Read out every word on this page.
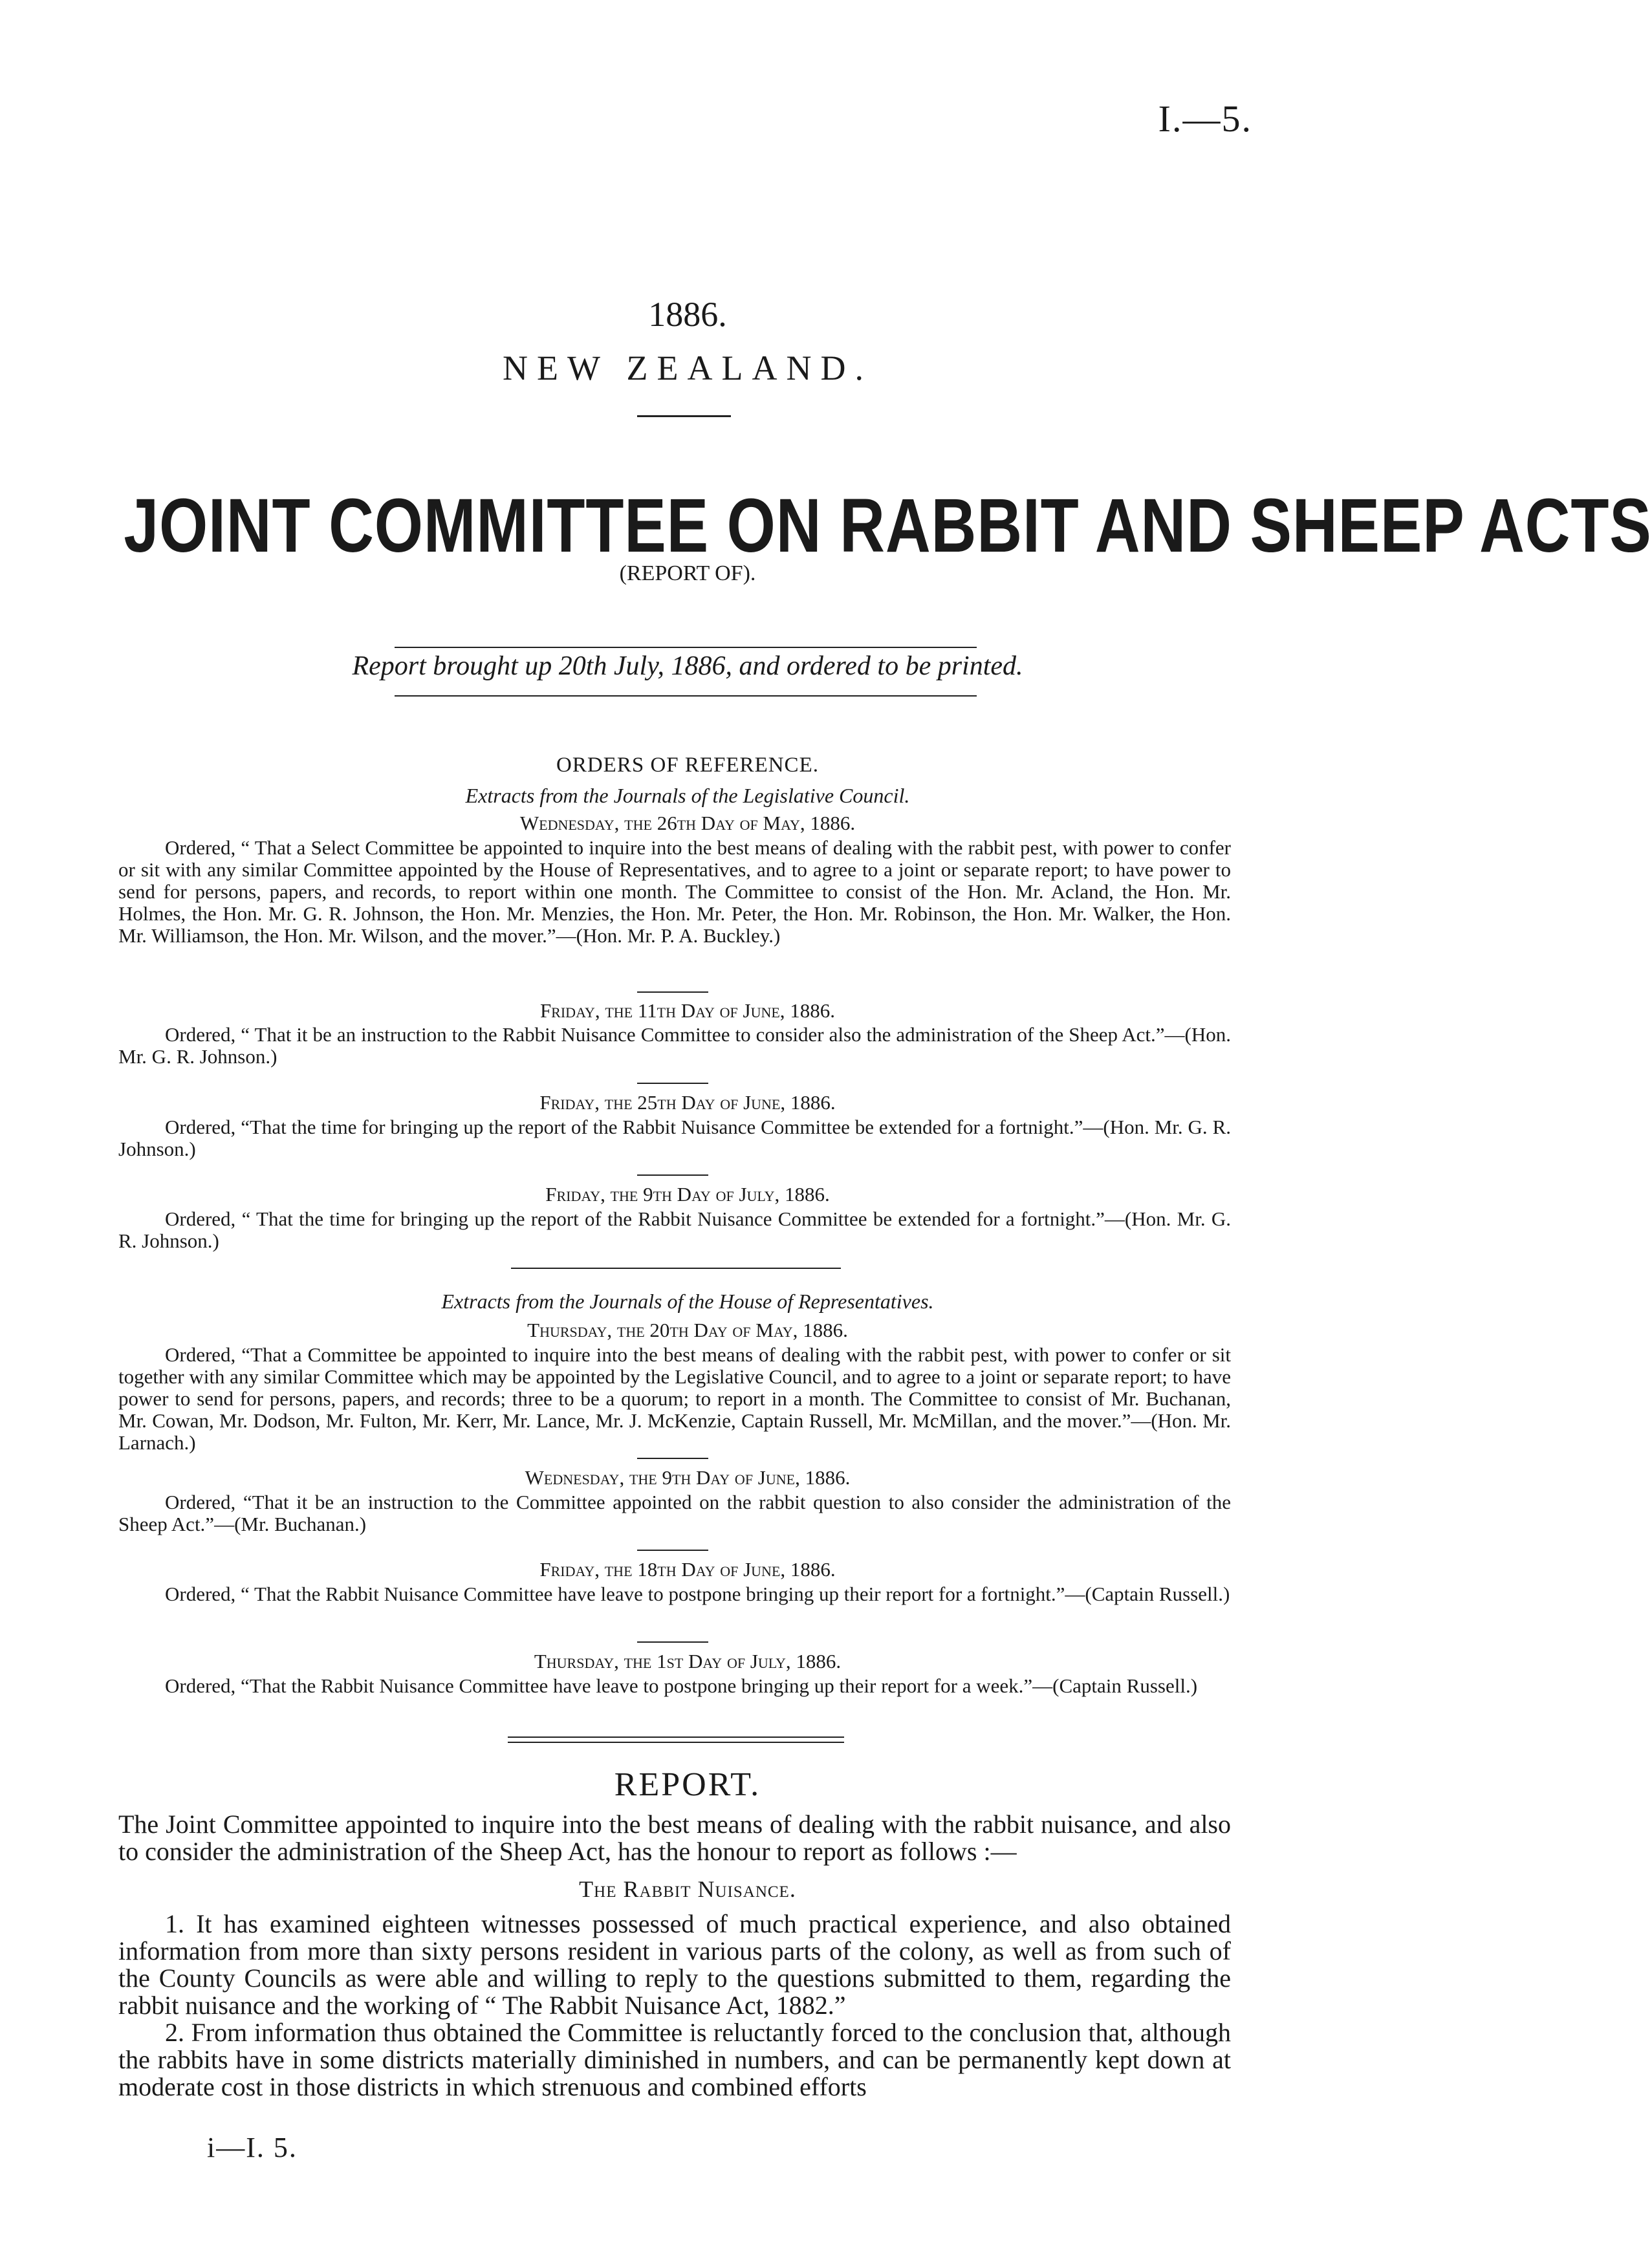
I.—5.
1886.
NEW ZEALAND.
JOINT COMMITTEE ON RABBIT AND SHEEP ACTS
(REPORT OF).
Report brought up 20th July, 1886, and ordered to be printed.
ORDERS OF REFERENCE.
Extracts from the Journals of the Legislative Council.
Wednesday, the 26th Day of May, 1886.
Ordered, “ That a Select Committee be appointed to inquire into the best means of dealing with the rabbit pest, with power to confer or sit with any similar Committee appointed by the House of Representatives, and to agree to a joint or separate report; to have power to send for persons, papers, and records, to report within one month. The Committee to consist of the Hon. Mr. Acland, the Hon. Mr. Holmes, the Hon. Mr. G. R. Johnson, the Hon. Mr. Menzies, the Hon. Mr. Peter, the Hon. Mr. Robinson, the Hon. Mr. Walker, the Hon. Mr. Williamson, the Hon. Mr. Wilson, and the mover.”—(Hon. Mr. P. A. Buckley.)
Friday, the 11th Day of June, 1886.
Ordered, “ That it be an instruction to the Rabbit Nuisance Committee to consider also the administration of the Sheep Act.”—(Hon. Mr. G. R. Johnson.)
Friday, the 25th Day of June, 1886.
Ordered, “That the time for bringing up the report of the Rabbit Nuisance Committee be extended for a fortnight.”—(Hon. Mr. G. R. Johnson.)
Friday, the 9th Day of July, 1886.
Ordered, “ That the time for bringing up the report of the Rabbit Nuisance Committee be extended for a fortnight.”—(Hon. Mr. G. R. Johnson.)
Extracts from the Journals of the House of Representatives.
Thursday, the 20th Day of May, 1886.
Ordered, “That a Committee be appointed to inquire into the best means of dealing with the rabbit pest, with power to confer or sit together with any similar Committee which may be appointed by the Legislative Council, and to agree to a joint or separate report; to have power to send for persons, papers, and records; three to be a quorum; to report in a month. The Committee to consist of Mr. Buchanan, Mr. Cowan, Mr. Dodson, Mr. Fulton, Mr. Kerr, Mr. Lance, Mr. J. McKenzie, Captain Russell, Mr. McMillan, and the mover.”—(Hon. Mr. Larnach.)
Wednesday, the 9th Day of June, 1886.
Ordered, “That it be an instruction to the Committee appointed on the rabbit question to also consider the administration of the Sheep Act.”—(Mr. Buchanan.)
Friday, the 18th Day of June, 1886.
Ordered, “ That the Rabbit Nuisance Committee have leave to postpone bringing up their report for a fortnight.”—(Captain Russell.)
Thursday, the 1st Day of July, 1886.
Ordered, “That the Rabbit Nuisance Committee have leave to postpone bringing up their report for a week.”—(Captain Russell.)
REPORT.
The Joint Committee appointed to inquire into the best means of dealing with the rabbit nuisance, and also to consider the administration of the Sheep Act, has the honour to report as follows :—
The Rabbit Nuisance.
1. It has examined eighteen witnesses possessed of much practical experience, and also obtained information from more than sixty persons resident in various parts of the colony, as well as from such of the County Councils as were able and willing to reply to the questions submitted to them, regarding the rabbit nuisance and the working of “ The Rabbit Nuisance Act, 1882.”
2. From information thus obtained the Committee is reluctantly forced to the conclusion that, although the rabbits have in some districts materially diminished in numbers, and can be permanently kept down at moderate cost in those districts in which strenuous and combined efforts
i—I. 5.
